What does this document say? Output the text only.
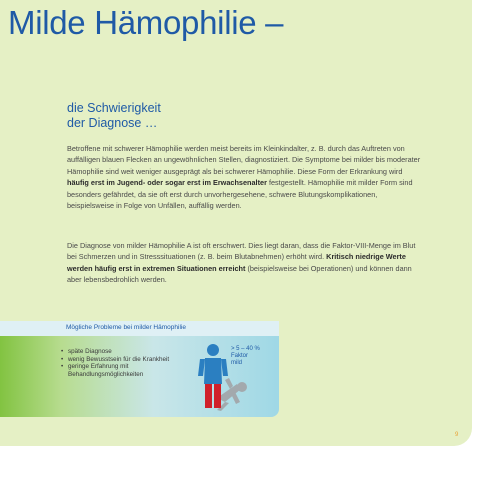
Milde Hämophilie –
die Schwierigkeit
der Diagnose …
Betroffene mit schwerer Hämophilie werden meist bereits im Kleinkindalter, z. B. durch das Auftreten von auffälligen blauen Flecken an ungewöhnlichen Stellen, diagnostiziert. Die Symptome bei milder bis moderater Hämophilie sind weit weniger ausgeprägt als bei schwerer Hämophilie. Diese Form der Erkrankung wird häufig erst im Jugend- oder sogar erst im Erwachsenalter festgestellt. Hämophilie mit milder Form sind besonders gefährdet, da sie oft erst durch unvorhergesehene, schwere Blutungskomplikationen, beispielsweise in Folge von Unfällen, auffällig werden.
Die Diagnose von milder Hämophilie A ist oft erschwert. Dies liegt daran, dass die Faktor-VIII-Menge im Blut bei Schmerzen und in Stresssituationen (z. B. beim Blutabnehmen) erhöht wird. Kritisch niedrige Werte werden häufig erst in extremen Situationen erreicht (beispielsweise bei Operationen) und können dann aber lebensbedrohlich werden.
Mögliche Probleme bei milder Hämophilie
• späte Diagnose
• wenig Bewusstsein für die Krankheit
• geringe Erfahrung mit Behandlungsmöglichkeiten
> 5 – 40 %
Faktor
mild
9
